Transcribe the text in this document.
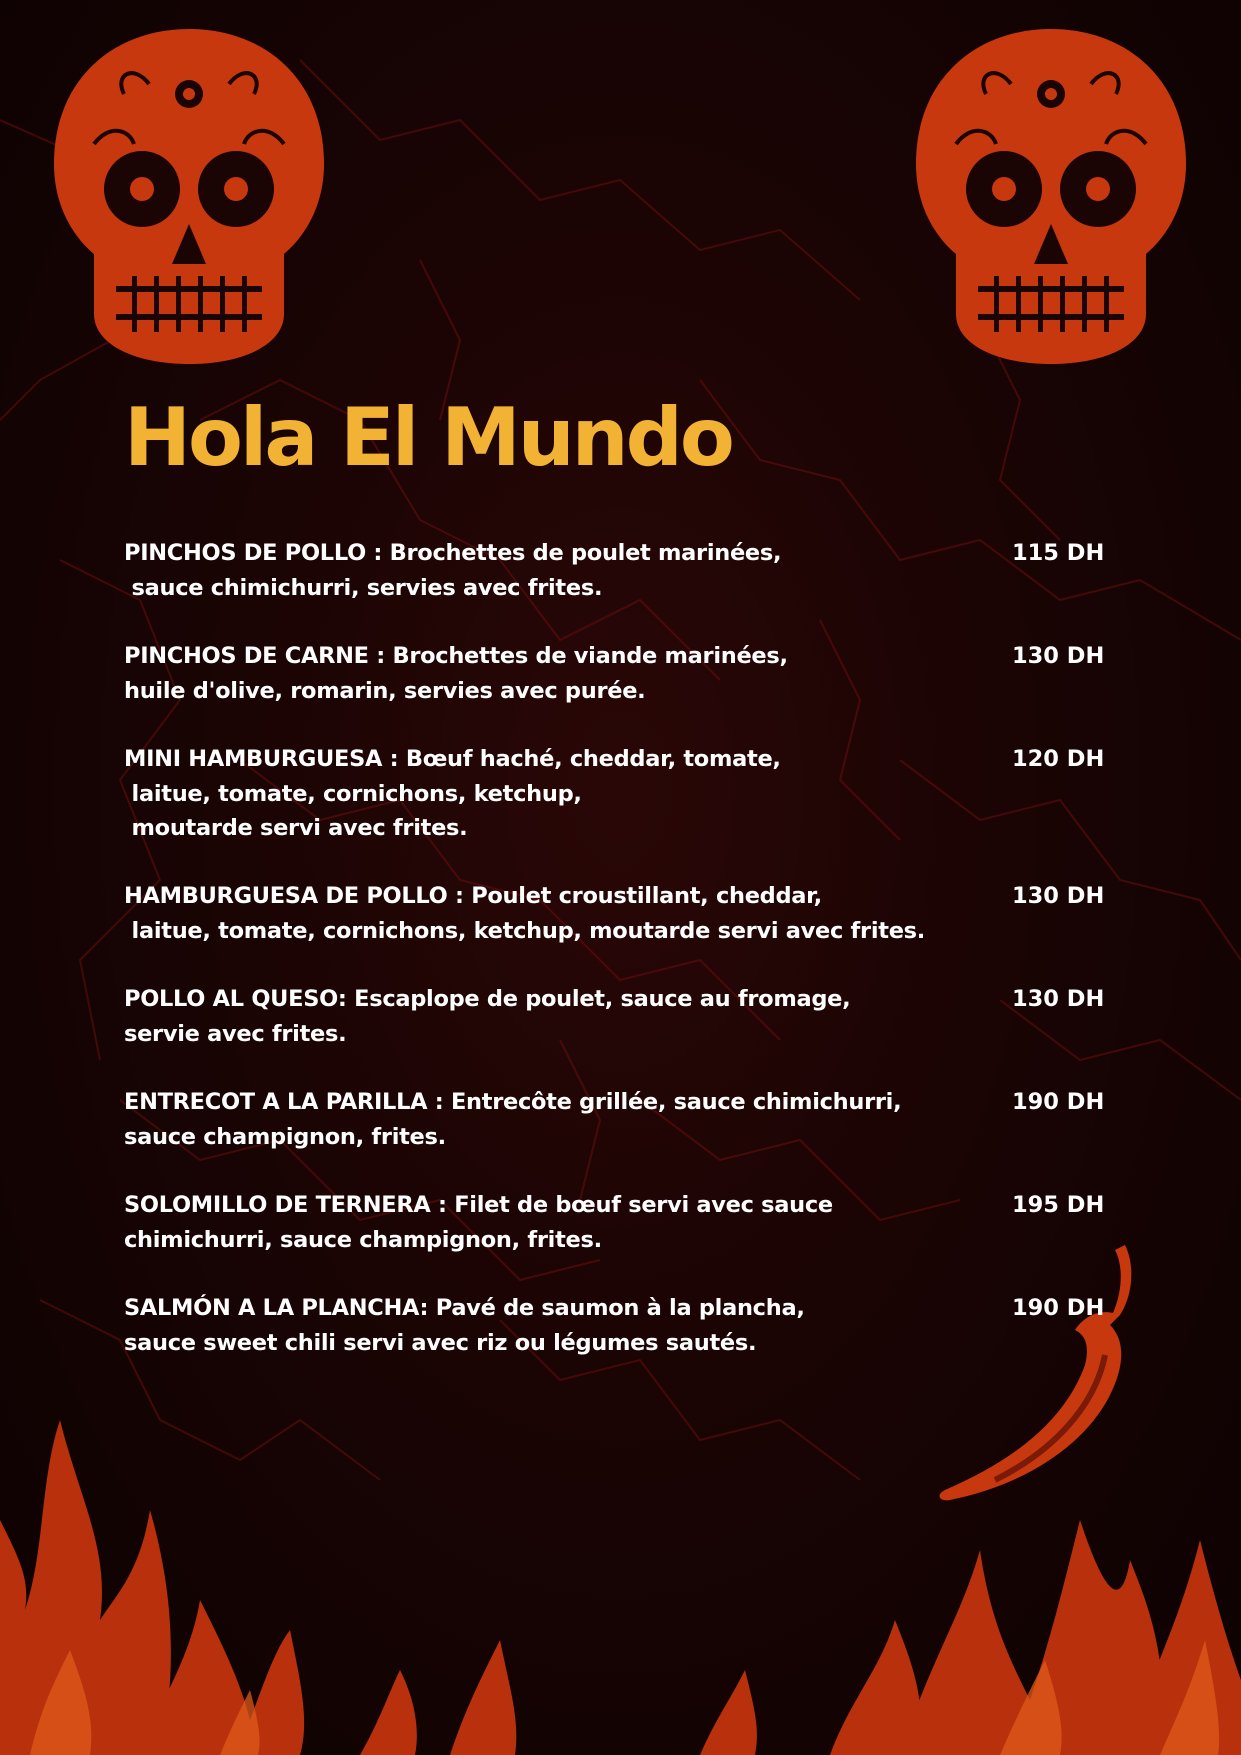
Hola El Mundo

PINCHOS DE POLLO : Brochettes de poulet marinées,
sauce chimichurri, servies avec frites.

115 DH

PINCHOS DE CARNE : Brochettes de viande marinées,
huile d'olive, romarin, servies avec purée.

130 DH

MINI HAMBURGUESA : Bœuf haché, cheddar, tomate,
laitue, tomate, cornichons, ketchup,
moutarde servi avec frites.

120 DH

HAMBURGUESA DE POLLO : Poulet croustillant, cheddar,
laitue, tomate, cornichons, ketchup, moutarde servi avec frites.

130 DH

POLLO AL QUESO: Escaplope de poulet, sauce au fromage,
servie avec frites.

130 DH

ENTRECOT A LA PARILLA : Entrecôte grillée, sauce chimichurri,
sauce champignon, frites.

190 DH

SOLOMILLO DE TERNERA : Filet de bœuf servi avec sauce
chimichurri, sauce champignon, frites.

195 DH

SALMÓN A LA PLANCHA: Pavé de saumon à la plancha,
sauce sweet chili servi avec riz ou légumes sautés.

190 DH
